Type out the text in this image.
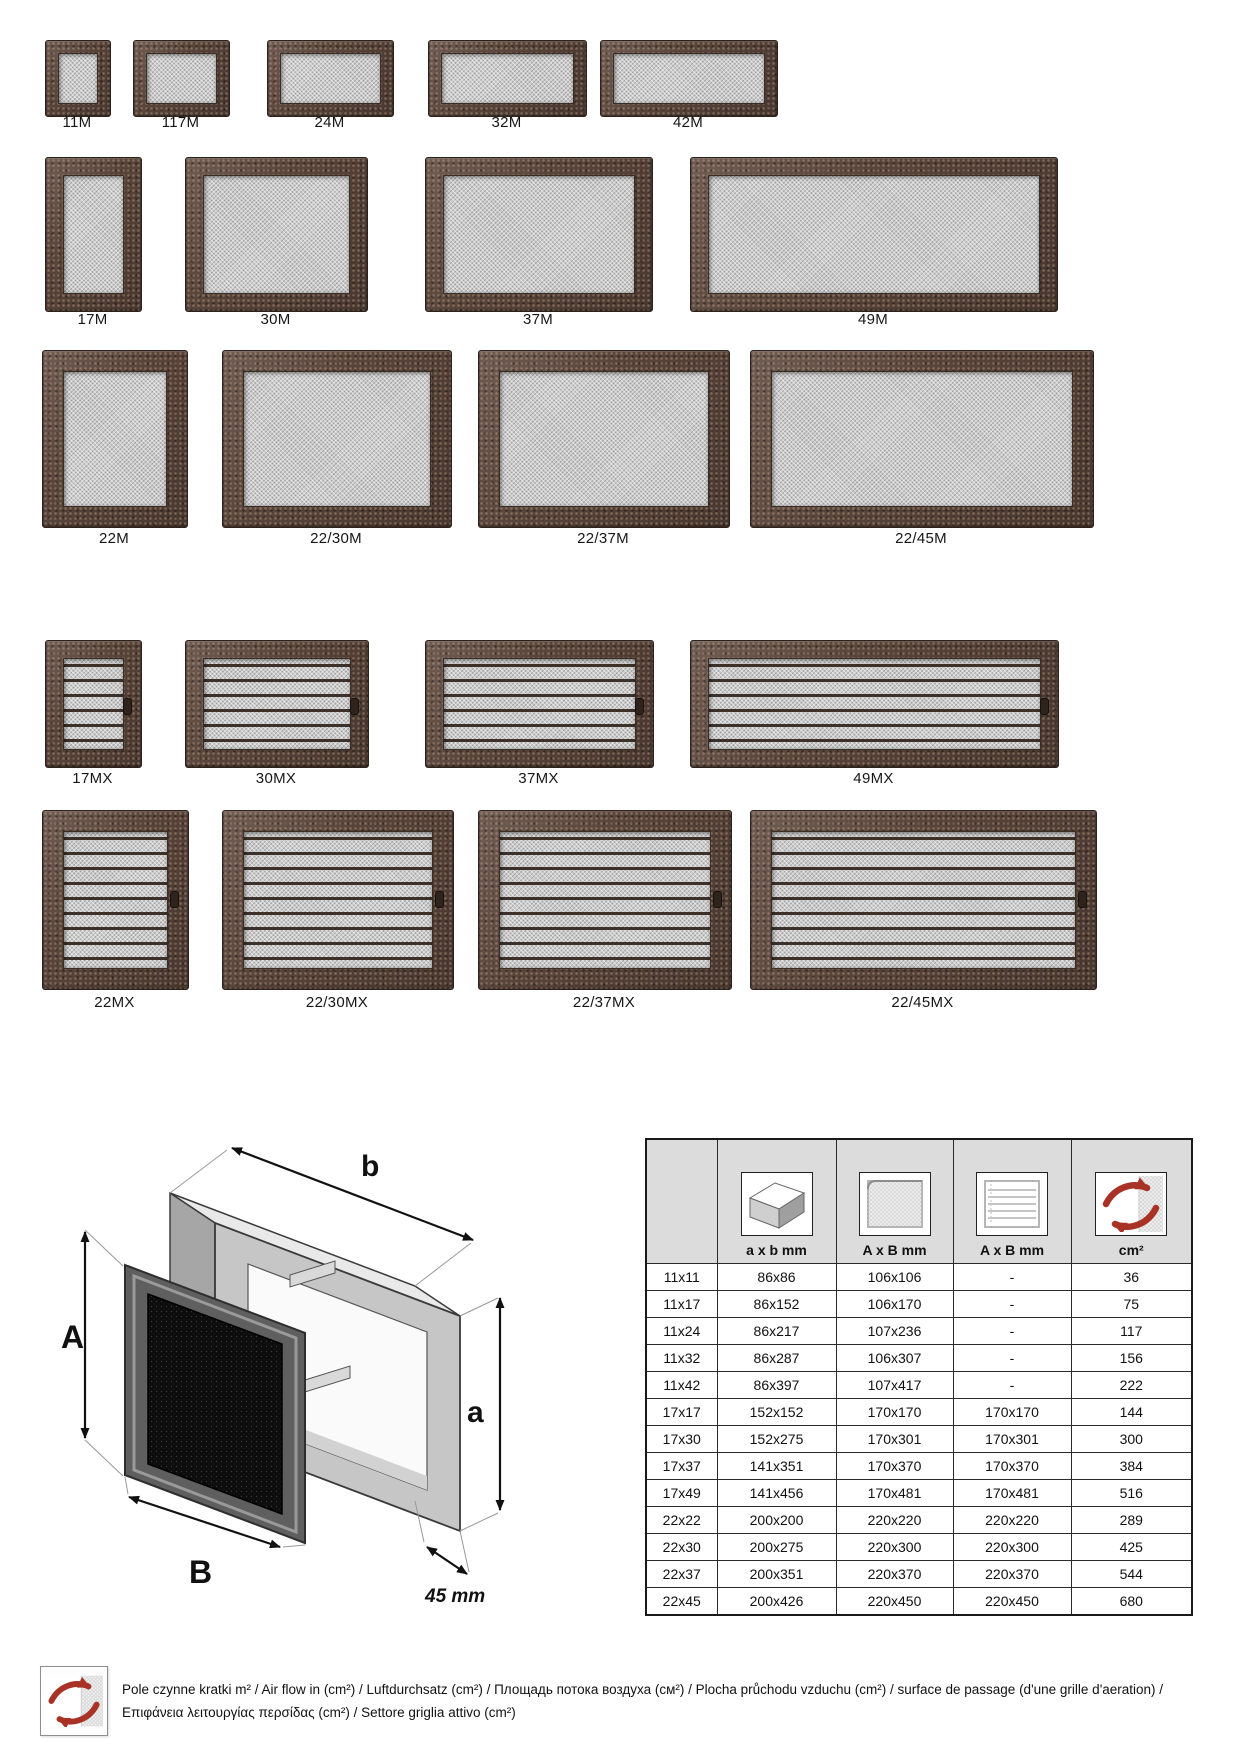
11M	117M	24M	32M	42M
17M	30M	37M	49M
22M	22/30M	22/37M	22/45M
17MX	30MX	37MX	49MX
22MX	22/30MX	22/37MX	22/45MX
A
b
a
B
45 mm

	a x b mm	A x B mm	A x B mm	cm²

11x11	86x86	106x106	-	36
11x17	86x152	106x170	-	75
11x24	86x217	107x236	-	117
11x32	86x287	106x307	-	156
11x42	86x397	107x417	-	222
17x17	152x152	170x170	170x170	144
17x30	152x275	170x301	170x301	300
17x37	141x351	170x370	170x370	384
17x49	141x456	170x481	170x481	516
22x22	200x200	220x220	220x220	289
22x30	200x275	220x300	220x300	425
22x37	200x351	220x370	220x370	544
22x45	200x426	220x450	220x450	680
Pole czynne kratki m² / Air flow in (cm²) / Luftdurchsatz (cm²) / Площадь потока воздуха (см²) / Plocha průchodu vzduchu (cm²) / surface de passage (d'une grille d'aeration) /
Επιφάνεια λειτουργίας περσίδας (cm²) / Settore griglia attivo (cm²)
